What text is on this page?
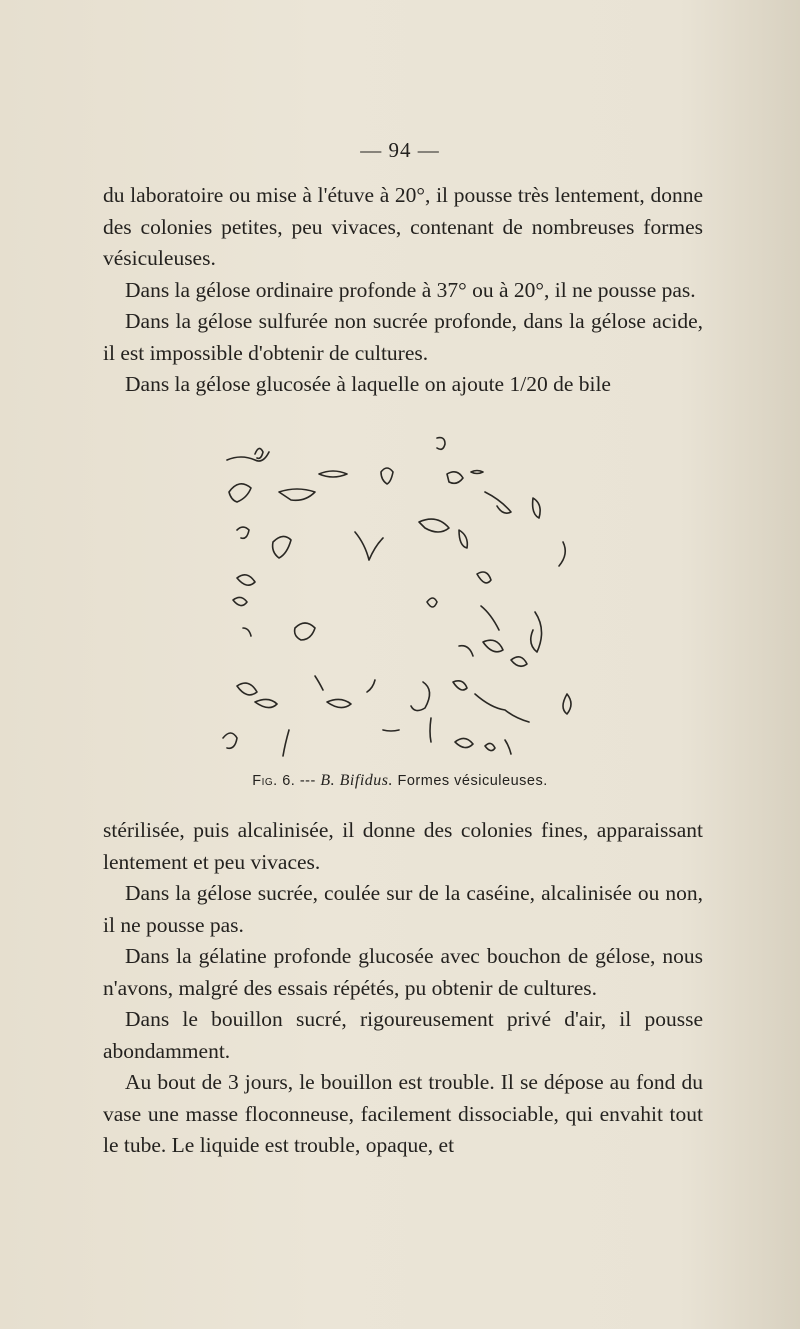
— 94 —

du laboratoire ou mise à l'étuve à 20°, il pousse très lentement, donne des colonies petites, peu vivaces, contenant de nombreuses formes vésiculeuses.

Dans la gélose ordinaire profonde à 37° ou à 20°, il ne pousse pas.

Dans la gélose sulfurée non sucrée profonde, dans la gélose acide, il est impossible d'obtenir de cultures.

Dans la gélose glucosée à laquelle on ajoute 1/20 de bile

Fig. 6. --- B. Bifidus. Formes vésiculeuses.

stérilisée, puis alcalinisée, il donne des colonies fines, apparaissant lentement et peu vivaces.

Dans la gélose sucrée, coulée sur de la caséine, alcalinisée ou non, il ne pousse pas.

Dans la gélatine profonde glucosée avec bouchon de gélose, nous n'avons, malgré des essais répétés, pu obtenir de cultures.

Dans le bouillon sucré, rigoureusement privé d'air, il pousse abondamment.

Au bout de 3 jours, le bouillon est trouble. Il se dépose au fond du vase une masse floconneuse, facilement dissociable, qui envahit tout le tube. Le liquide est trouble, opaque, et
